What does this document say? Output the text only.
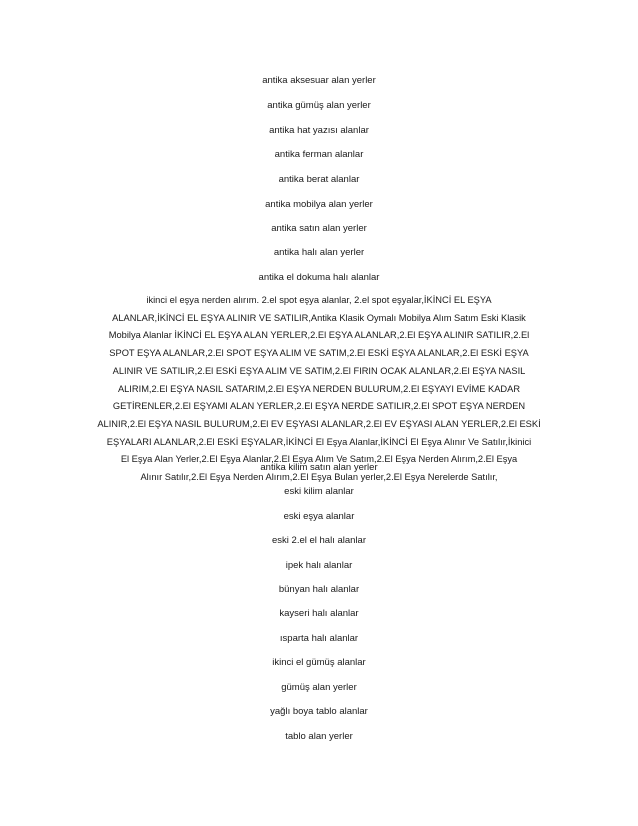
antika aksesuar alan yerler
antika gümüş alan yerler
antika hat yazısı alanlar
antika ferman alanlar
antika berat alanlar
antika mobilya alan yerler
antika satın alan yerler
antika halı alan yerler
antika el dokuma halı alanlar
ikinci el eşya nerden alırım. 2.el spot eşya alanlar, 2.el spot eşyalar,İKİNCİ EL EŞYA
ALANLAR,İKİNCİ EL EŞYA ALINIR VE SATILIR,Antika Klasik Oymalı Mobilya Alım Satım Eski Klasik
Mobilya Alanlar İKİNCİ EL EŞYA ALAN YERLER,2.El EŞYA ALANLAR,2.El EŞYA ALINIR SATILIR,2.El
SPOT EŞYA ALANLAR,2.El SPOT EŞYA ALIM VE SATIM,2.El ESKİ EŞYA ALANLAR,2.El ESKİ EŞYA
ALINIR VE SATILIR,2.El ESKİ EŞYA ALIM VE SATIM,2.El FIRIN OCAK ALANLAR,2.El EŞYA NASIL
ALIRIM,2.El EŞYA NASIL SATARIM,2.El EŞYA NERDEN BULURUM,2.El EŞYAYI EVİME KADAR
GETİRENLER,2.El EŞYAMI ALAN YERLER,2.El EŞYA NERDE SATILIR,2.El SPOT EŞYA NERDEN
ALINIR,2.El EŞYA NASIL BULURUM,2.El EV EŞYASI ALANLAR,2.El EV EŞYASI ALAN YERLER,2.El ESKİ
EŞYALARI ALANLAR,2.El ESKİ EŞYALAR,İKİNCİ El Eşya Alanlar,İKİNCİ El Eşya Alınır Ve Satılır,İkinici
El Eşya Alan Yerler,2.El Eşya Alanlar,2.El Eşya Alım Ve Satım,2.El Eşya Nerden Alırım,2.El Eşya
Alınır Satılır,2.El Eşya Nerden Alırım,2.El Eşya Bulan yerler,2.El Eşya Nerelerde Satılır,
antika kilim satın alan yerler
eski kilim alanlar
eski eşya alanlar
eski 2.el el halı alanlar
ipek halı alanlar
bünyan halı alanlar
kayseri halı alanlar
ısparta halı alanlar
ikinci el gümüş alanlar
gümüş alan yerler
yağlı boya tablo alanlar
tablo alan yerler
